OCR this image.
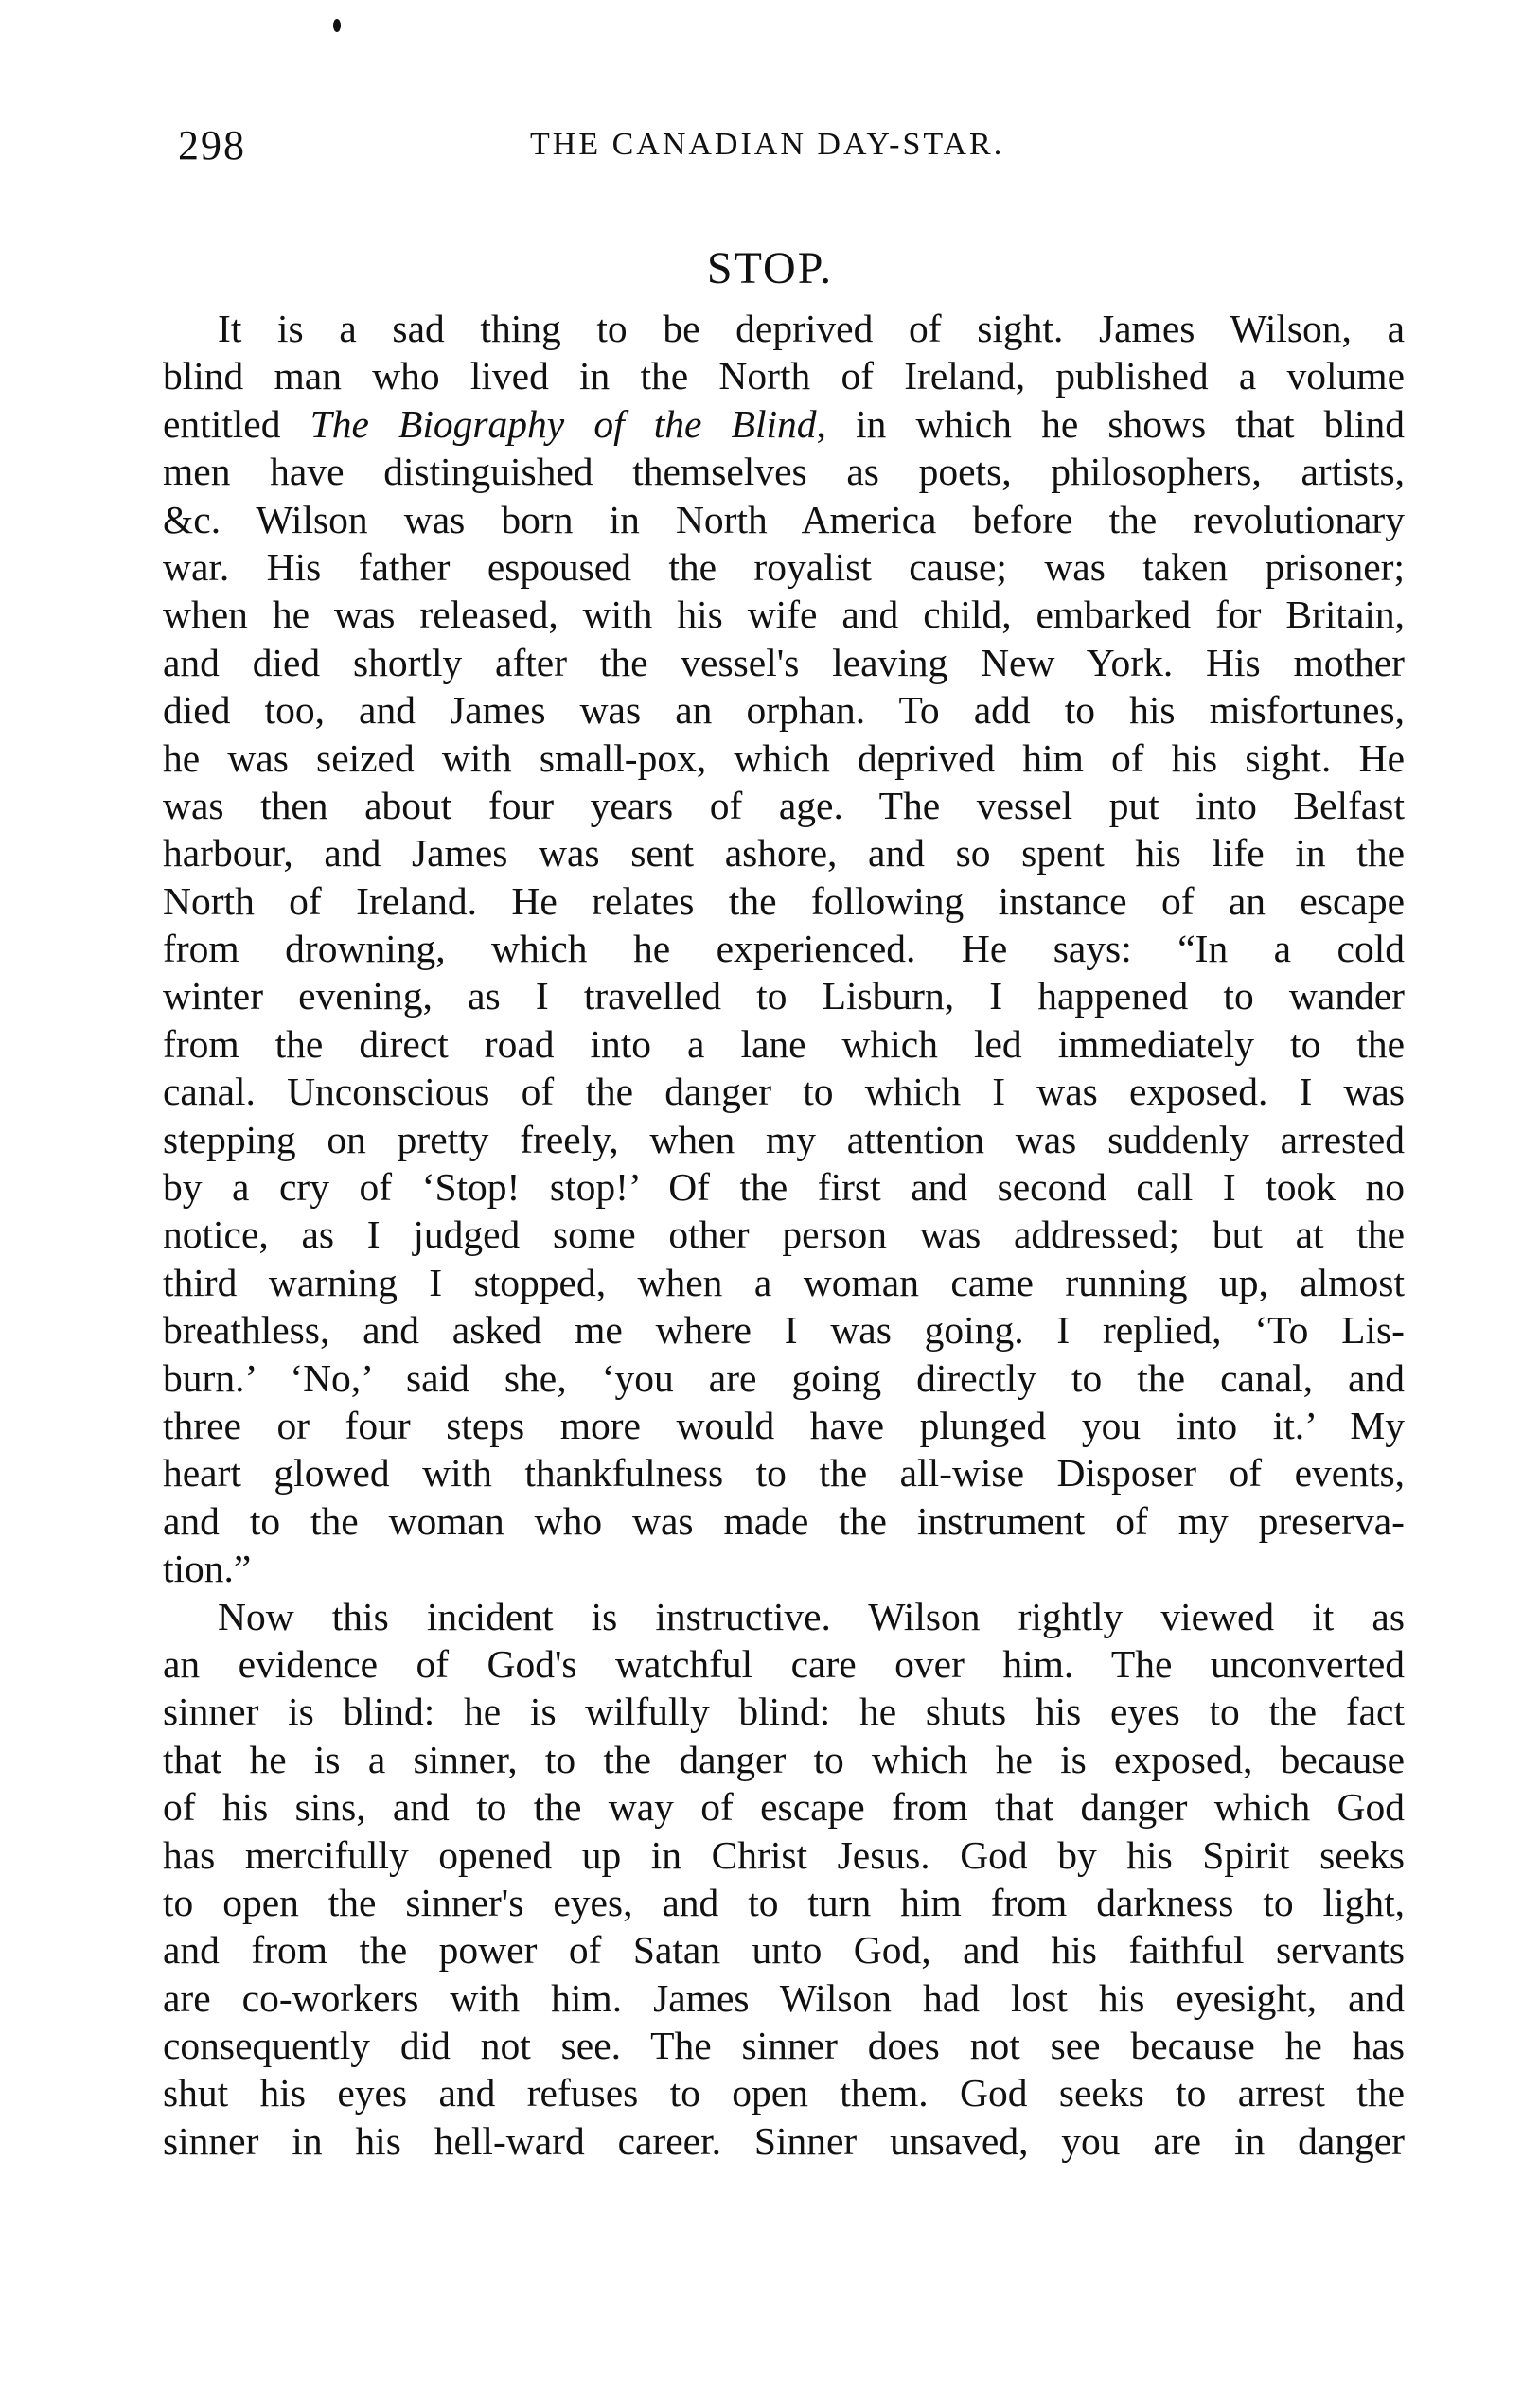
298	THE CANADIAN DAY-STAR.
STOP.
It is a sad thing to be deprived of sight. James Wilson, a
blind man who lived in the North of Ireland, published a volume
entitled The Biography of the Blind, in which he shows that blind
men have distinguished themselves as poets, philosophers, artists,
&c. Wilson was born in North America before the revolutionary
war. His father espoused the royalist cause; was taken prisoner;
when he was released, with his wife and child, embarked for Britain,
and died shortly after the vessel's leaving New York. His mother
died too, and James was an orphan. To add to his misfortunes,
he was seized with small-pox, which deprived him of his sight. He
was then about four years of age. The vessel put into Belfast
harbour, and James was sent ashore, and so spent his life in the
North of Ireland. He relates the following instance of an escape
from drowning, which he experienced. He says: “In a cold
winter evening, as I travelled to Lisburn, I happened to wander
from the direct road into a lane which led immediately to the
canal. Unconscious of the danger to which I was exposed. I was
stepping on pretty freely, when my attention was suddenly arrested
by a cry of ‘Stop! stop!’ Of the first and second call I took no
notice, as I judged some other person was addressed; but at the
third warning I stopped, when a woman came running up, almost
breathless, and asked me where I was going. I replied, ‘To Lis-
burn.’ ‘No,’ said she, ‘you are going directly to the canal, and
three or four steps more would have plunged you into it.’ My
heart glowed with thankfulness to the all-wise Disposer of events,
and to the woman who was made the instrument of my preserva-
tion.”
Now this incident is instructive. Wilson rightly viewed it as
an evidence of God's watchful care over him. The unconverted
sinner is blind: he is wilfully blind: he shuts his eyes to the fact
that he is a sinner, to the danger to which he is exposed, because
of his sins, and to the way of escape from that danger which God
has mercifully opened up in Christ Jesus. God by his Spirit seeks
to open the sinner's eyes, and to turn him from darkness to light,
and from the power of Satan unto God, and his faithful servants
are co-workers with him. James Wilson had lost his eyesight, and
consequently did not see. The sinner does not see because he has
shut his eyes and refuses to open them. God seeks to arrest the
sinner in his hell-ward career. Sinner unsaved, you are in danger
